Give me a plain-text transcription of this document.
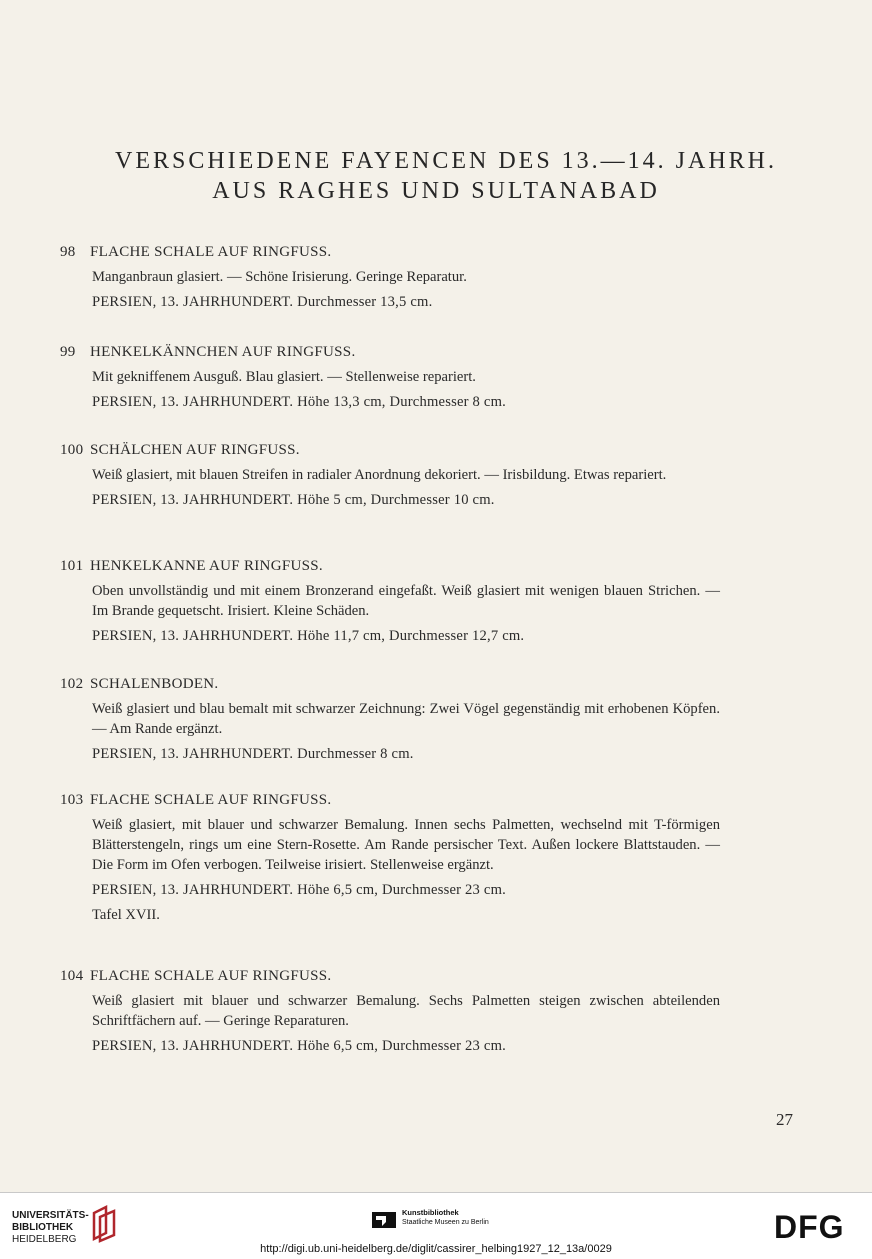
VERSCHIEDENE FAYENCEN DES 13.—14. JAHRH.
AUS RAGHES UND SULTANABAD
98 FLACHE SCHALE AUF RINGFUSS.
Manganbraun glasiert. — Schöne Irisierung. Geringe Reparatur.
PERSIEN, 13. JAHRHUNDERT. Durchmesser 13,5 cm.
99 HENKELKÄNNCHEN AUF RINGFUSS.
Mit gekniffenem Ausguß. Blau glasiert. — Stellenweise repariert.
PERSIEN, 13. JAHRHUNDERT. Höhe 13,3 cm, Durchmesser 8 cm.
100 SCHÄLCHEN AUF RINGFUSS.
Weiß glasiert, mit blauen Streifen in radialer Anordnung dekoriert. — Irisbildung. Etwas repariert.
PERSIEN, 13. JAHRHUNDERT. Höhe 5 cm, Durchmesser 10 cm.
101 HENKELKANNE AUF RINGFUSS.
Oben unvollständig und mit einem Bronzerand eingefaßt. Weiß glasiert mit wenigen blauen Strichen. — Im Brande gequetscht. Irisiert. Kleine Schäden.
PERSIEN, 13. JAHRHUNDERT. Höhe 11,7 cm, Durchmesser 12,7 cm.
102 SCHALENBODEN.
Weiß glasiert und blau bemalt mit schwarzer Zeichnung: Zwei Vögel gegenständig mit erhobenen Köpfen. — Am Rande ergänzt.
PERSIEN, 13. JAHRHUNDERT. Durchmesser 8 cm.
103 FLACHE SCHALE AUF RINGFUSS.
Weiß glasiert, mit blauer und schwarzer Bemalung. Innen sechs Palmetten, wechselnd mit T-förmigen Blätterstengeln, rings um eine Stern-Rosette. Am Rande persischer Text. Außen lockere Blattstauden. — Die Form im Ofen verbogen. Teilweise irisiert. Stellenweise ergänzt.
PERSIEN, 13. JAHRHUNDERT. Höhe 6,5 cm, Durchmesser 23 cm.
Tafel XVII.
104 FLACHE SCHALE AUF RINGFUSS.
Weiß glasiert mit blauer und schwarzer Bemalung. Sechs Palmetten steigen zwischen abteilenden Schriftfächern auf. — Geringe Reparaturen.
PERSIEN, 13. JAHRHUNDERT. Höhe 6,5 cm, Durchmesser 23 cm.
27
UNIVERSITÄTS-
BIBLIOTHEK
HEIDELBERG
Kunstbibliothek
Staatliche Museen zu Berlin	DFG
http://digi.ub.uni-heidelberg.de/diglit/cassirer_helbing1927_12_13a/0029
